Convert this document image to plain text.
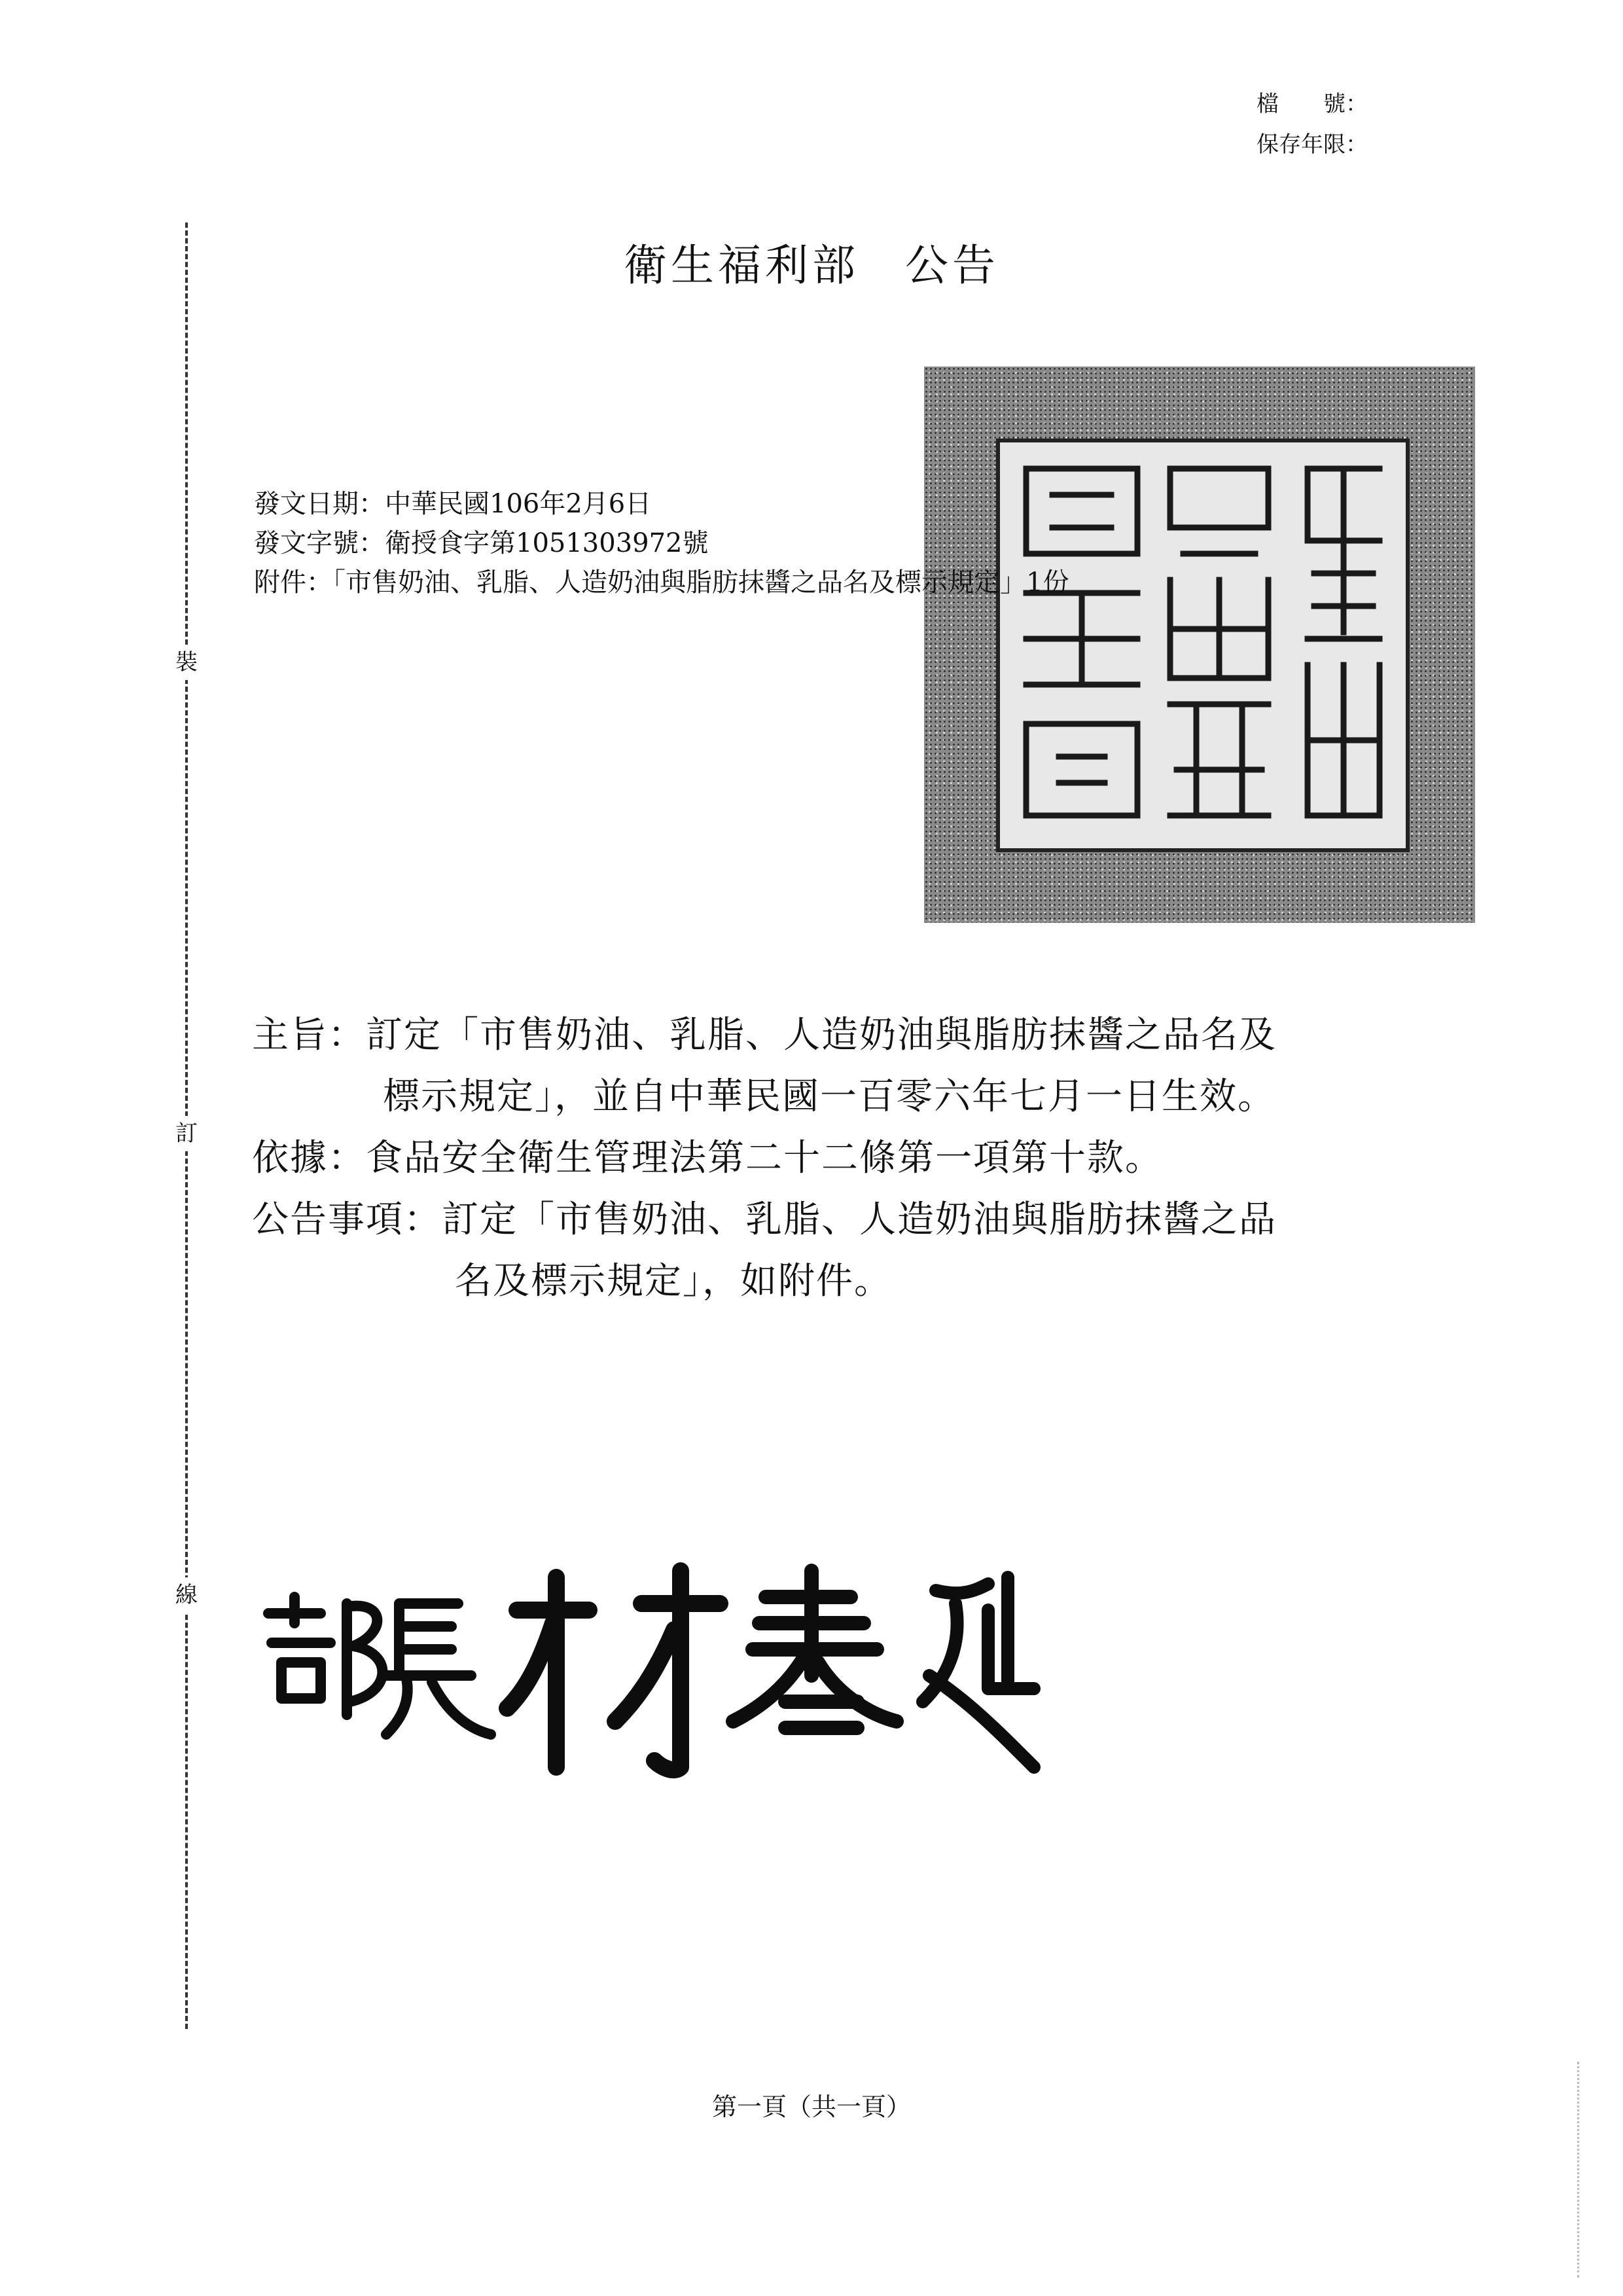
檔　　號：
保存年限：
裝
訂
線
衛生福利部 公告
發文日期：中華民國106年2月6日
發文字號：衛授食字第1051303972號
附件：「市售奶油、乳脂、人造奶油與脂肪抹醬之品名及標示規定」1份
主旨：訂定「市售奶油、乳脂、人造奶油與脂肪抹醬之品名及
標示規定」，並自中華民國一百零六年七月一日生效。
依據：食品安全衛生管理法第二十二條第一項第十款。
公告事項：訂定「市售奶油、乳脂、人造奶油與脂肪抹醬之品
名及標示規定」，如附件。
第一頁（共一頁）
